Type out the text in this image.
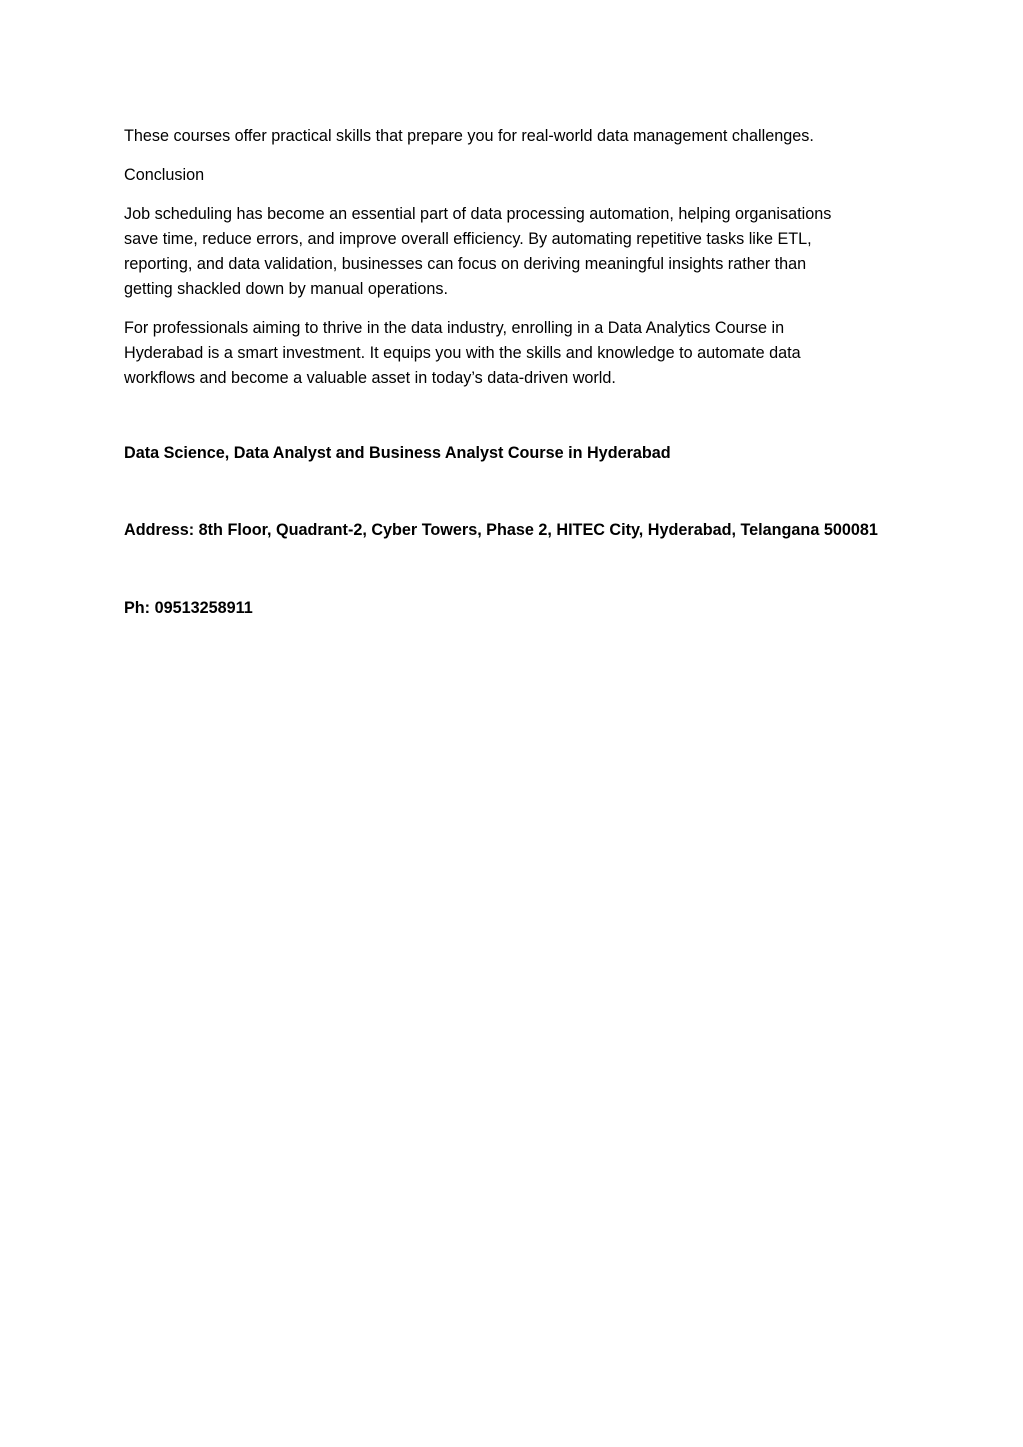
These courses offer practical skills that prepare you for real-world data management challenges.

Conclusion

Job scheduling has become an essential part of data processing automation, helping organisations
save time, reduce errors, and improve overall efficiency. By automating repetitive tasks like ETL,
reporting, and data validation, businesses can focus on deriving meaningful insights rather than
getting shackled down by manual operations.

For professionals aiming to thrive in the data industry, enrolling in a Data Analytics Course in
Hyderabad is a smart investment. It equips you with the skills and knowledge to automate data
workflows and become a valuable asset in today’s data-driven world.

Data Science, Data Analyst and Business Analyst Course in Hyderabad
Address: 8th Floor, Quadrant-2, Cyber Towers, Phase 2, HITEC City, Hyderabad, Telangana 500081
Ph: 09513258911
